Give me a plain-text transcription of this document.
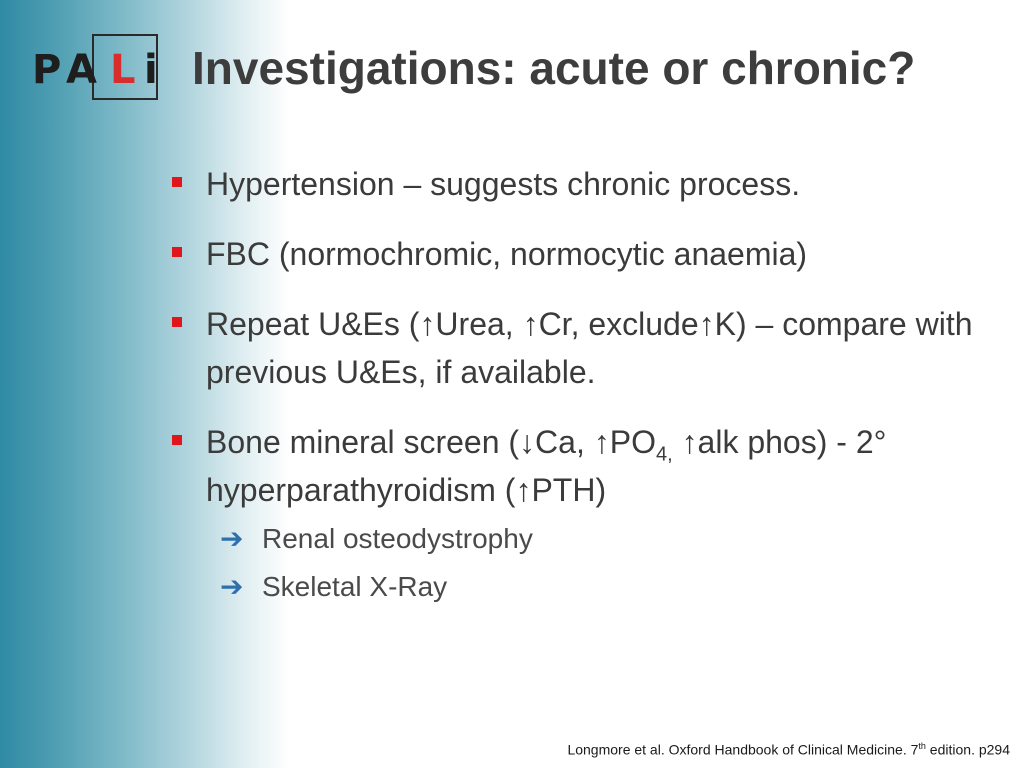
P A L i Investigations: acute or chronic?
Hypertension – suggests chronic process.
FBC (normochromic, normocytic anaemia)
Repeat U&Es (↑Urea, ↑Cr, exclude↑K) – compare with previous U&Es, if available.
Bone mineral screen (↓Ca, $↑PO_{4,}$ ↑alk phos) - 2° hyperparathyroidism (↑PTH)
➔ Renal osteodystrophy
➔ Skeletal X-Ray
Longmore et al. Oxford Handbook of Clinical Medicine. 7th edition. p294
